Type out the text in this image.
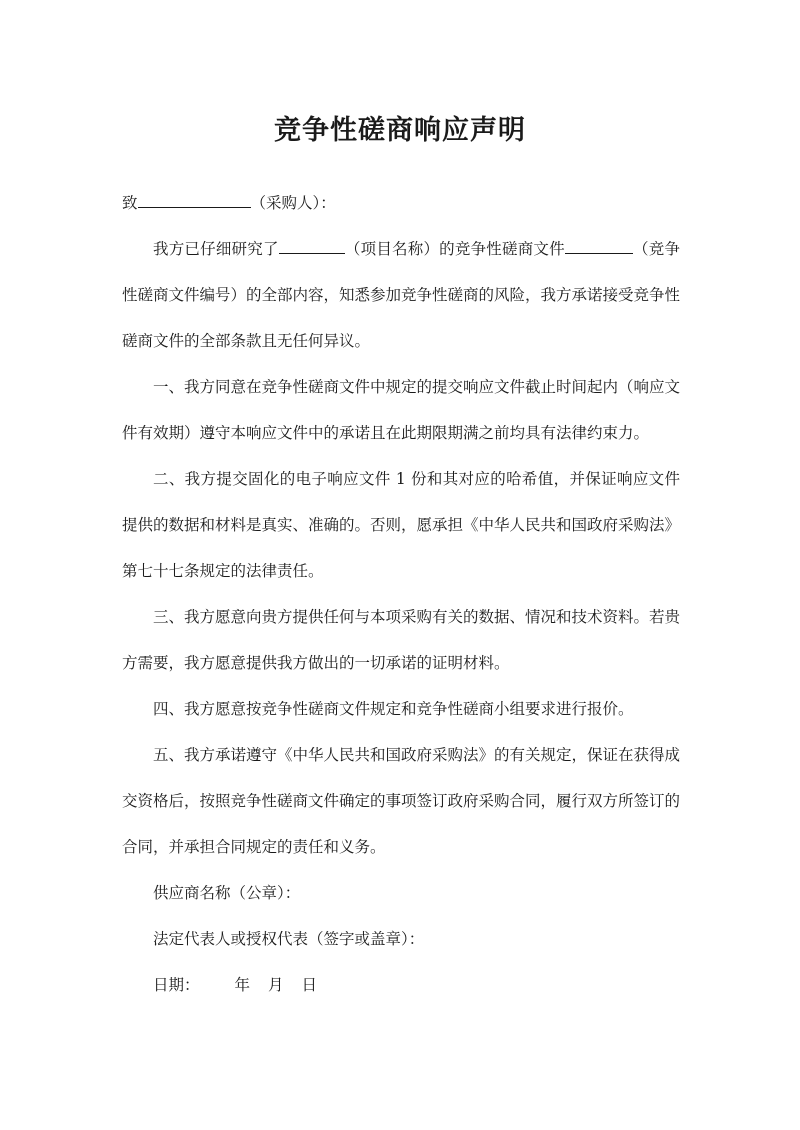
竞争性磋商响应声明

致	（采购人）：

我方已仔细研究了	（项目名称）的竞争性磋商文件	（竞争性磋商文件编号）的全部内容，知悉参加竞争性磋商的风险，我方承诺接受竞争性磋商文件的全部条款且无任何异议。

一、我方同意在竞争性磋商文件中规定的提交响应文件截止时间起内（响应文件有效期）遵守本响应文件中的承诺且在此期限期满之前均具有法律约束力。

二、我方提交固化的电子响应文件 1 份和其对应的哈希值，并保证响应文件提供的数据和材料是真实、准确的。否则，愿承担《中华人民共和国政府采购法》第七十七条规定的法律责任。

三、我方愿意向贵方提供任何与本项采购有关的数据、情况和技术资料。若贵方需要，我方愿意提供我方做出的一切承诺的证明材料。

四、我方愿意按竞争性磋商文件规定和竞争性磋商小组要求进行报价。

五、我方承诺遵守《中华人民共和国政府采购法》的有关规定，保证在获得成交资格后，按照竞争性磋商文件确定的事项签订政府采购合同，履行双方所签订的合同，并承担合同规定的责任和义务。

供应商名称（公章）：

法定代表人或授权代表（签字或盖章）：

日期： 年 月 日
